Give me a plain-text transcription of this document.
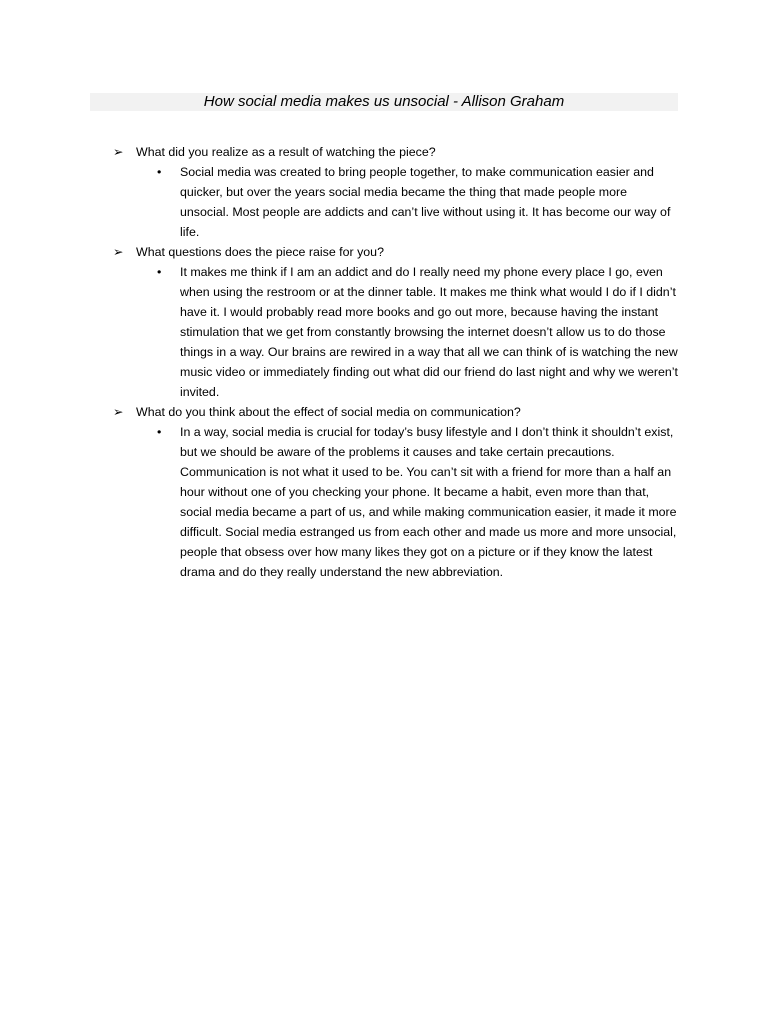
How social media makes us unsocial - Allison Graham
➢ What did you realize as a result of watching the piece?
• Social media was created to bring people together, to make communication easier and quicker, but over the years social media became the thing that made people more unsocial. Most people are addicts and can’t live without using it. It has become our way of life.
➢ What questions does the piece raise for you?
• It makes me think if I am an addict and do I really need my phone every place I go, even when using the restroom or at the dinner table. It makes me think what would I do if I didn’t have it. I would probably read more books and go out more, because having the instant stimulation that we get from constantly browsing the internet doesn’t allow us to do those things in a way. Our brains are rewired in a way that all we can think of is watching the new music video or immediately finding out what did our friend do last night and why we weren’t invited.
➢ What do you think about the effect of social media on communication?
• In a way, social media is crucial for today’s busy lifestyle and I don’t think it shouldn’t exist, but we should be aware of the problems it causes and take certain precautions. Communication is not what it used to be. You can’t sit with a friend for more than a half an hour without one of you checking your phone. It became a habit, even more than that, social media became a part of us, and while making communication easier, it made it more difficult. Social media estranged us from each other and made us more and more unsocial, people that obsess over how many likes they got on a picture or if they know the latest drama and do they really understand the new abbreviation.
